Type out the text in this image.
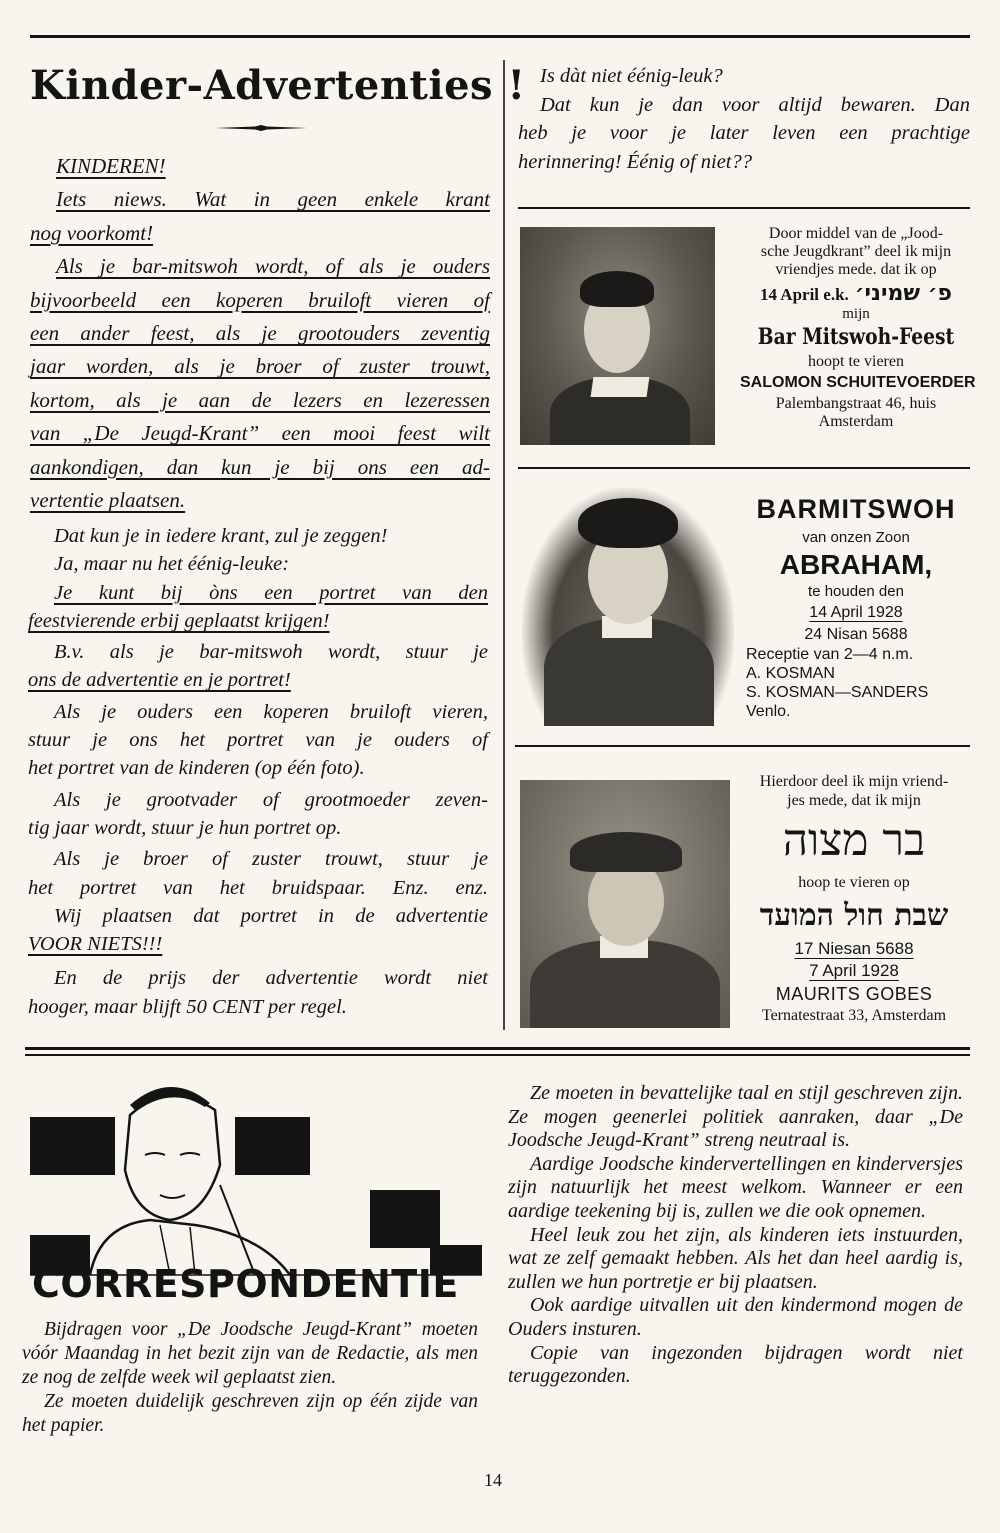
Kinder-Advertenties !
KINDEREN!
Iets niews. Wat in geen enkele krant
nog voorkomt!
Als je bar-mitswoh wordt, of als je ouders
bijvoorbeeld een koperen bruiloft vieren of
een ander feest, als je grootouders zeventig
jaar worden, als je broer of zuster trouwt,
kortom, als je aan de lezers en lezeressen
van „De Jeugd-Krant” een mooi feest wilt
aankondigen, dan kun je bij ons een ad-
vertentie plaatsen.
Dat kun je in iedere krant, zul je zeggen!
Ja, maar nu het éénig-leuke:
Je kunt bij òns een portret van den
feestvierende erbij geplaatst krijgen!
B.v. als je bar-mitswoh wordt, stuur je
ons de advertentie en je portret!
Als je ouders een koperen bruiloft vieren,
stuur je ons het portret van je ouders of
het portret van de kinderen (op één foto).
Als je grootvader of grootmoeder zeven-
tig jaar wordt, stuur je hun portret op.
Als je broer of zuster trouwt, stuur je
het portret van het bruidspaar. Enz. enz.
Wij plaatsen dat portret in de advertentie
VOOR NIETS!!!
En de prijs der advertentie wordt niet
hooger, maar blijft 50 CENT per regel.
Is dàt niet éénig-leuk?
Dat kun je dan voor altijd bewaren. Dan
heb je voor je later leven een prachtige
herinnering! Éénig of niet??
Door middel van de „Jood-
sche Jeugdkrant” deel ik mijn
vriendjes mede. dat ik op
14 April e.k. פ׳ שמיני׳
mijn
Bar Mitswoh-Feest
hoopt te vieren
SALOMON SCHUITEVOERDER
Palembangstraat 46, huis
Amsterdam
BARMITSWOH
van onzen Zoon
ABRAHAM,
te houden den
14 April 1928
24 Nisan 5688
Receptie van 2—4 n.m.
A. KOSMAN
S. KOSMAN—SANDERS
Venlo.
Hierdoor deel ik mijn vriend-
jes mede, dat ik mijn
בר מצוה
hoop te vieren op
שבת חול המועד
17 Niesan 5688
7 April 1928
MAURITS GOBES
Ternatestraat 33, Amsterdam
CORRESPONDENTIE

Bijdragen voor „De Joodsche Jeugd-Krant” moeten vóór Maandag in het bezit zijn van de Redactie, als men ze nog de zelfde week wil geplaatst zien.

Ze moeten duidelijk geschreven zijn op één zijde van het papier.

Ze moeten in bevattelijke taal en stijl geschreven zijn. Ze mogen geenerlei politiek aanraken, daar „De Joodsche Jeugd-Krant” streng neutraal is.

Aardige Joodsche kindervertellingen en kinderversjes zijn natuurlijk het meest welkom. Wanneer er een aardige teekening bij is, zullen we die ook opnemen.

Heel leuk zou het zijn, als kinderen iets instuurden, wat ze zelf gemaakt hebben. Als het dan heel aardig is, zullen we hun portretje er bij plaatsen.

Ook aardige uitvallen uit den kindermond mogen de Ouders insturen.

Copie van ingezonden bijdragen wordt niet teruggezonden.

14
